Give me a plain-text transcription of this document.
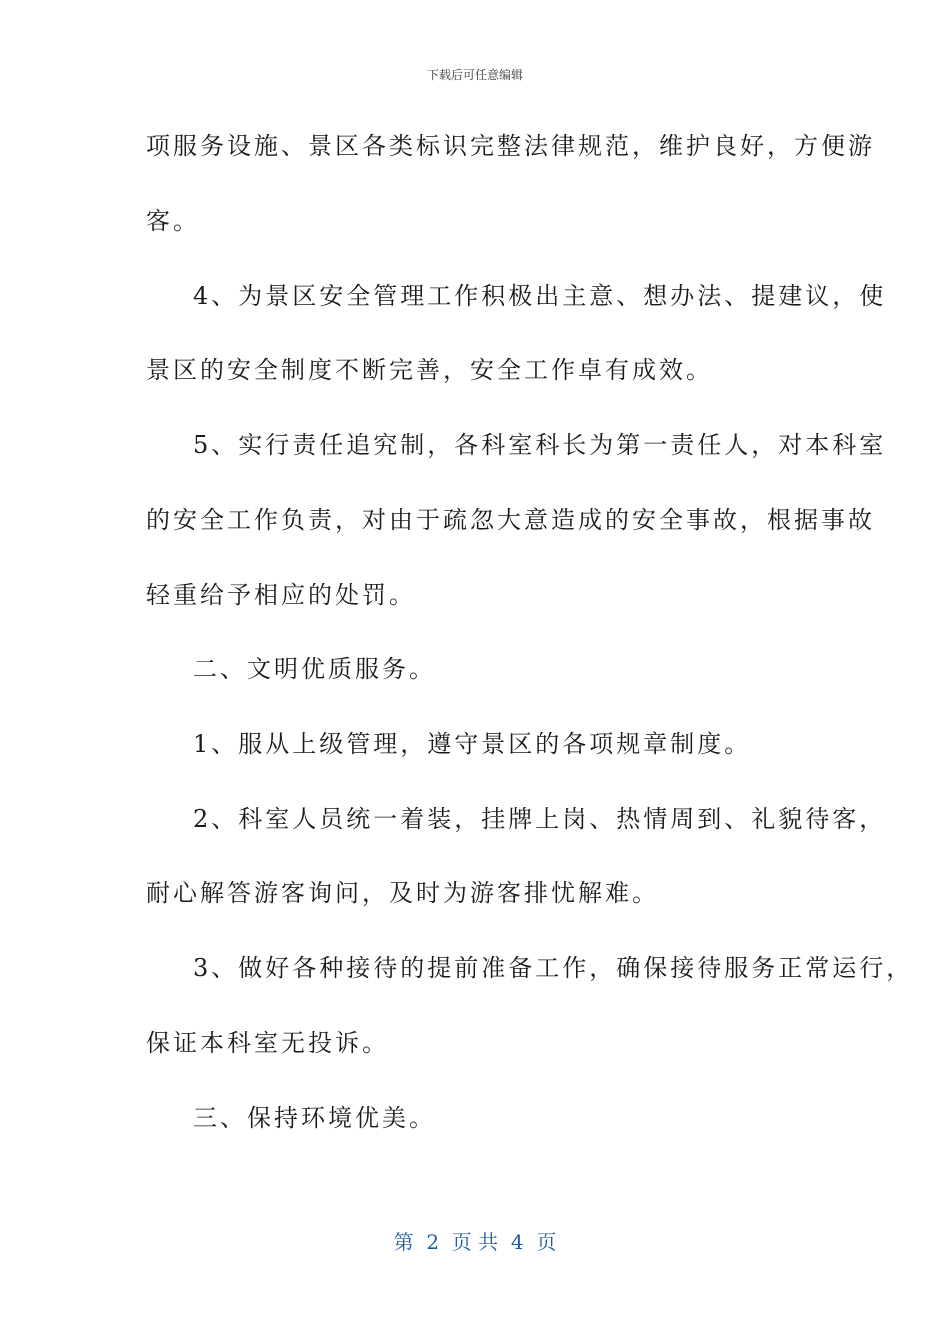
下载后可任意编辑
项服务设施、景区各类标识完整法律规范，维护良好，方便游
客。
4、为景区安全管理工作积极出主意、想办法、提建议，使
景区的安全制度不断完善，安全工作卓有成效。
5、实行责任追究制，各科室科长为第一责任人，对本科室
的安全工作负责，对由于疏忽大意造成的安全事故，根据事故
轻重给予相应的处罚。
二、文明优质服务。
1、服从上级管理，遵守景区的各项规章制度。
2、科室人员统一着装，挂牌上岗、热情周到、礼貌待客，
耐心解答游客询问，及时为游客排忧解难。
3、做好各种接待的提前准备工作，确保接待服务正常运行，
保证本科室无投诉。
三、保持环境优美。
第  2  页 共  4  页
